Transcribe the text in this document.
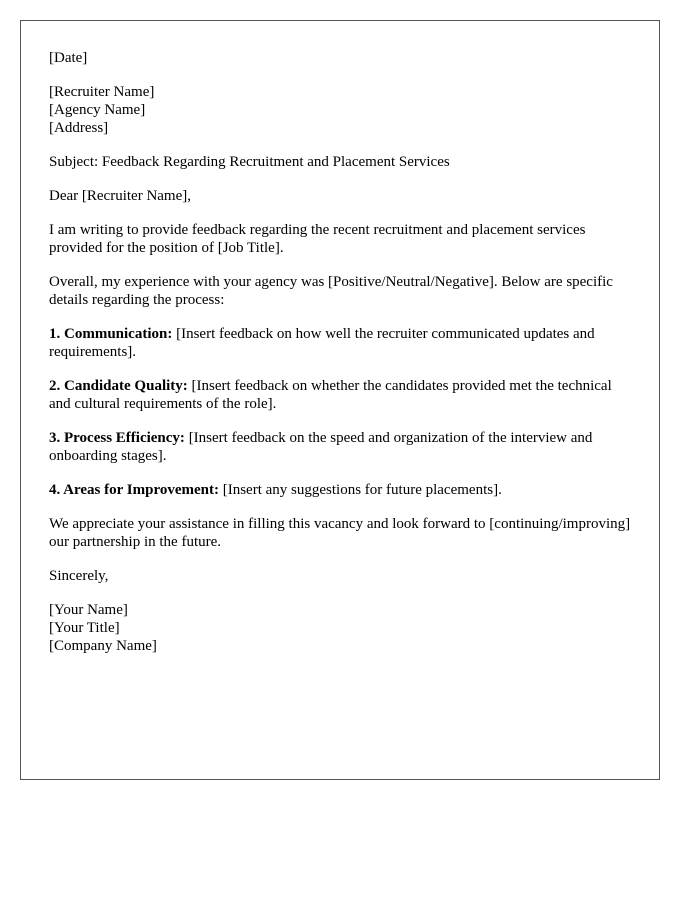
[Date]

[Recruiter Name]
[Agency Name]
[Address]

Subject: Feedback Regarding Recruitment and Placement Services

Dear [Recruiter Name],

I am writing to provide feedback regarding the recent recruitment and placement services provided for the position of [Job Title].

Overall, my experience with your agency was [Positive/Neutral/Negative]. Below are specific details regarding the process:

1. Communication: [Insert feedback on how well the recruiter communicated updates and requirements].

2. Candidate Quality: [Insert feedback on whether the candidates provided met the technical and cultural requirements of the role].

3. Process Efficiency: [Insert feedback on the speed and organization of the interview and onboarding stages].

4. Areas for Improvement: [Insert any suggestions for future placements].

We appreciate your assistance in filling this vacancy and look forward to [continuing/improving] our partnership in the future.

Sincerely,

[Your Name]
[Your Title]
[Company Name]
